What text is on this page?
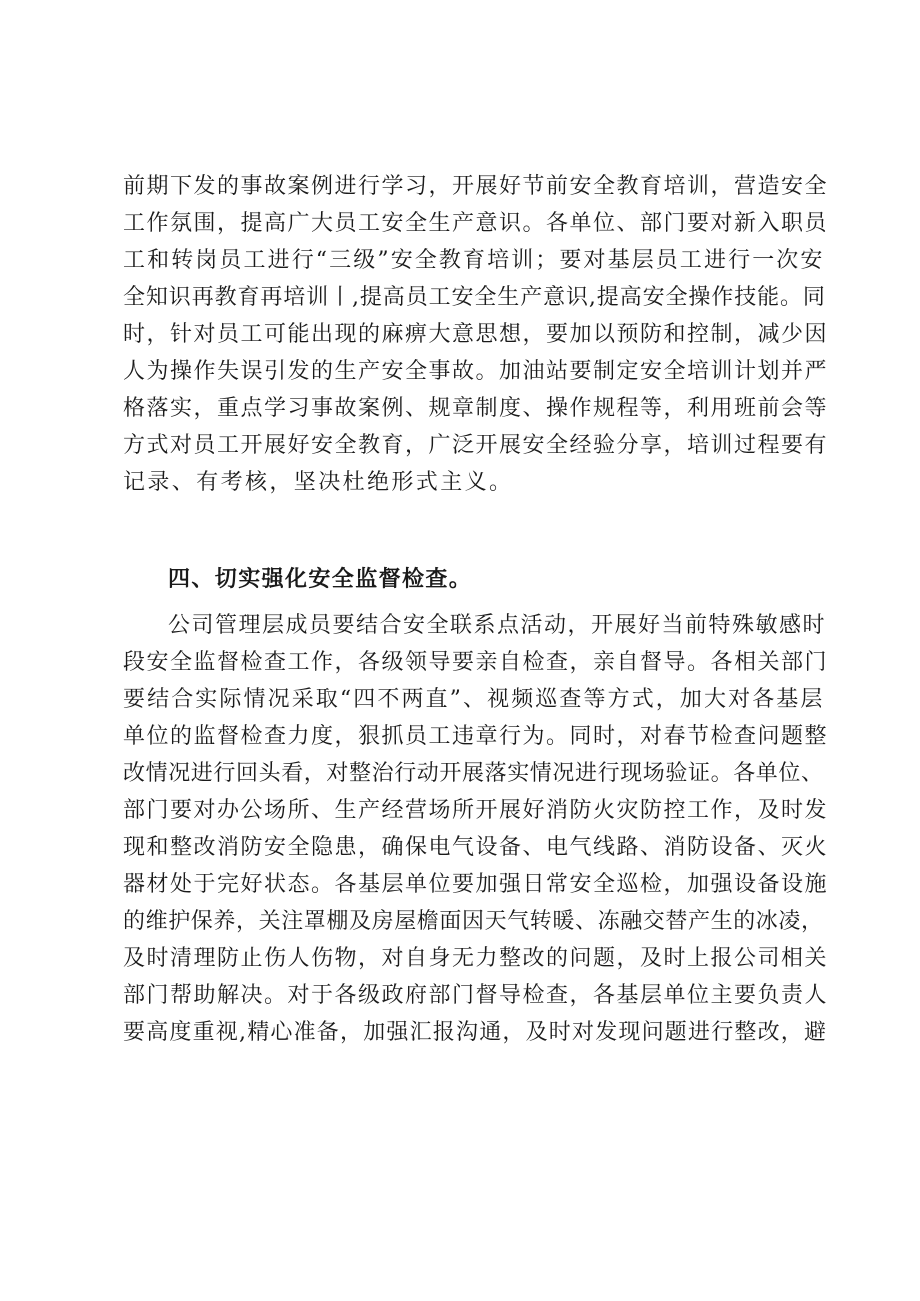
前期下发的事故案例进行学习，开展好节前安全教育培训，营造安全
工作氛围，提高广大员工安全生产意识。各单位、部门要对新入职员
工和转岗员工进行“三级”安全教育培训；要对基层员工进行一次安
全知识再教育再培训丨,提高员工安全生产意识,提高安全操作技能。同
时，针对员工可能出现的麻痹大意思想，要加以预防和控制，减少因
人为操作失误引发的生产安全事故。加油站要制定安全培训计划并严
格落实，重点学习事故案例、规章制度、操作规程等，利用班前会等
方式对员工开展好安全教育，广泛开展安全经验分享，培训过程要有
记录、有考核，坚决杜绝形式主义。
四、切实强化安全监督检查。
公司管理层成员要结合安全联系点活动，开展好当前特殊敏感时
段安全监督检查工作，各级领导要亲自检查，亲自督导。各相关部门
要结合实际情况采取“四不两直”、视频巡查等方式，加大对各基层
单位的监督检查力度，狠抓员工违章行为。同时，对春节检查问题整
改情况进行回头看，对整治行动开展落实情况进行现场验证。各单位、
部门要对办公场所、生产经营场所开展好消防火灾防控工作，及时发
现和整改消防安全隐患，确保电气设备、电气线路、消防设备、灭火
器材处于完好状态。各基层单位要加强日常安全巡检，加强设备设施
的维护保养，关注罩棚及房屋檐面因天气转暖、冻融交替产生的冰凌，
及时清理防止伤人伤物，对自身无力整改的问题，及时上报公司相关
部门帮助解决。对于各级政府部门督导检查，各基层单位主要负责人
要高度重视,精心准备，加强汇报沟通，及时对发现问题进行整改，避
